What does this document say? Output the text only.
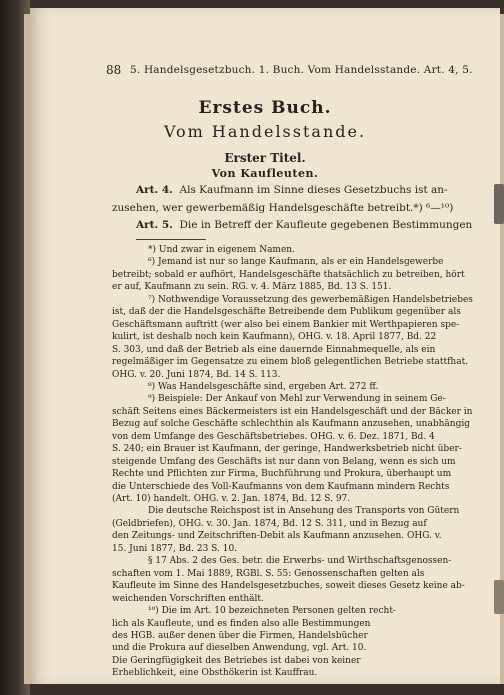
88 5. Handelsgesetzbuch. 1. Buch. Vom Handelsstande. Art. 4, 5.
Erstes Buch.
Vom Handelsstande.
Erster Titel.
Von Kaufleuten.
Art. 4. Als Kaufmann im Sinne dieses Gesetzbuchs ist an-
zusehen, wer gewerbemäßig Handelsgeschäfte betreibt.*) ⁶—¹⁰)
Art. 5. Die in Betreff der Kaufleute gegebenen Bestimmungen
*) Und zwar in eigenem Namen.
⁶) Jemand ist nur so lange Kaufmann, als er ein Handelsgewerbe
betreibt; sobald er aufhört, Handelsgeschäfte thatsächlich zu betreiben, hört
er auf, Kaufmann zu sein. RG. v. 4. März 1885, Bd. 13 S. 151.
⁷) Nothwendige Voraussetzung des gewerbemäßigen Handelsbetriebes
ist, daß der die Handelsgeschäfte Betreibende dem Publikum gegenüber als
Geschäftsmann auftritt (wer also bei einem Bankier mit Werthpapieren spe-
kulirt, ist deshalb noch kein Kaufmann), OHG. v. 18. April 1877, Bd. 22
S. 303, und daß der Betrieb als eine dauernde Einnahmequelle, als ein
regelmäßiger im Gegensatze zu einem bloß gelegentlichen Betriebe stattfhat.
OHG. v. 20. Juni 1874, Bd. 14 S. 113.
⁸) Was Handelsgeschäfte sind, ergeben Art. 272 ff.
⁹) Beispiele: Der Ankauf von Mehl zur Verwendung in seinem Ge-
schäft Seitens eines Bäckermeisters ist ein Handelsgeschäft und der Bäcker in
Bezug auf solche Geschäfte schlechthin als Kaufmann anzusehen, unabhängig
von dem Umfange des Geschäftsbetriebes. OHG. v. 6. Dez. 1871, Bd. 4
S. 240; ein Brauer ist Kaufmann, der geringe, Handwerksbetrieb nicht über-
steigende Umfang des Geschäfts ist nur dann von Belang, wenn es sich um
Rechte und Pflichten zur Firma, Buchführung und Prokura, überhaupt um
die Unterschiede des Voll-Kaufmanns von dem Kaufmann mindern Rechts
(Art. 10) handelt. OHG. v. 2. Jan. 1874, Bd. 12 S. 97.
Die deutsche Reichspost ist in Ansehung des Transports von Gütern
(Geldbriefen), OHG. v. 30. Jan. 1874, Bd. 12 S. 311, und in Bezug auf
den Zeitungs- und Zeitschriften-Debit als Kaufmann anzusehen. OHG. v.
15. Juni 1877, Bd. 23 S. 10.
§ 17 Abs. 2 des Ges. betr. die Erwerbs- und Wirthschaftsgenossen-
schaften vom 1. Mai 1889, RGBl. S. 55: Genossenschaften gelten als
Kaufleute im Sinne des Handelsgesetzbuches, soweit dieses Gesetz keine ab-
weichenden Vorschriften enthält.
¹⁰) Die im Art. 10 bezeichneten Personen gelten recht-
lich als Kaufleute, und es finden also alle Bestimmungen
des HGB. außer denen über die Firmen, Handelsbücher
und die Prokura auf dieselben Anwendung, vgl. Art. 10.
Die Geringfügigkeit des Betriebes ist dabei von keiner
Erheblichkeit, eine Obsthökerin ist Kauffrau.
